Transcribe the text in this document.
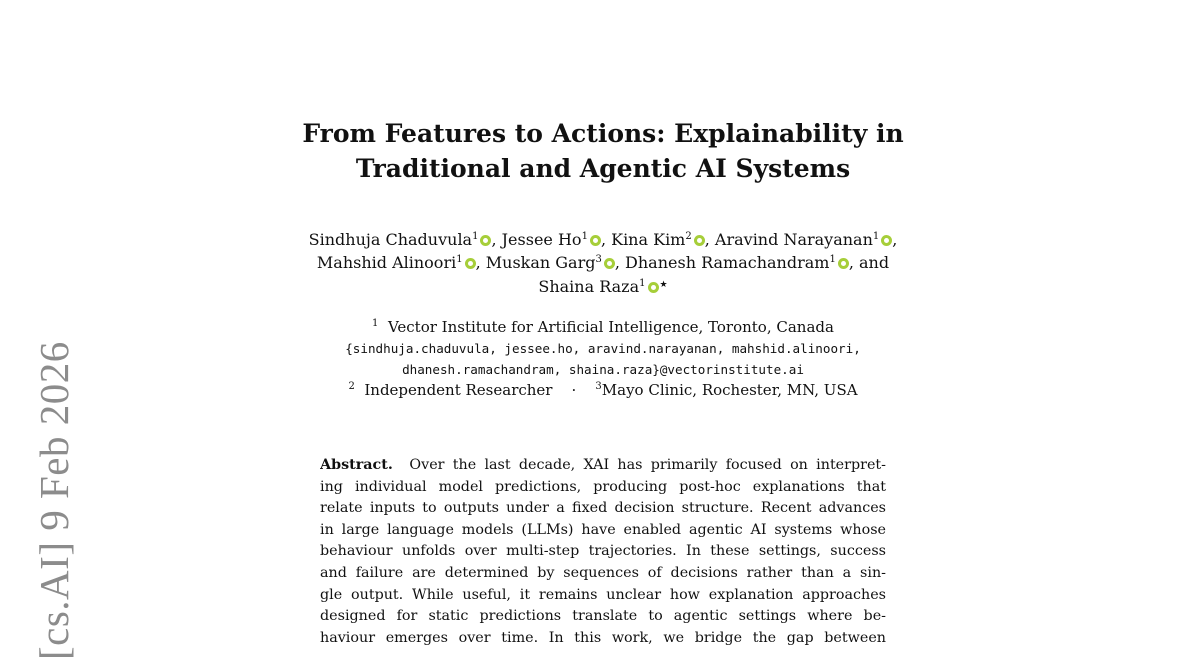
[cs.AI] 9 Feb 2026
From Features to Actions: Explainability in
Traditional and Agentic AI Systems
Sindhuja Chaduvula$^1$ , Jessee Ho$^1$ , Kina Kim$^2$ , Aravind Narayanan$^1$ ,
Mahshid Alinoori$^1$ , Muskan Garg$^3$ , Dhanesh Ramachandram$^1$ , and
Shaina Raza$^1$ ★
$^1$ Vector Institute for Artificial Intelligence, Toronto, Canada
{sindhuja.chaduvula, jessee.ho, aravind.narayanan, mahshid.alinoori,
dhanesh.ramachandram, shaina.raza}@vectorinstitute.ai
$^2$ Independent Researcher · $^3$Mayo Clinic, Rochester, MN, USA
Abstract. Over the last decade, XAI has primarily focused on interpret-
ing individual model predictions, producing post-hoc explanations that
relate inputs to outputs under a fixed decision structure. Recent advances
in large language models (LLMs) have enabled agentic AI systems whose
behaviour unfolds over multi-step trajectories. In these settings, success
and failure are determined by sequences of decisions rather than a sin-
gle output. While useful, it remains unclear how explanation approaches
designed for static predictions translate to agentic settings where be-
haviour emerges over time. In this work, we bridge the gap between
